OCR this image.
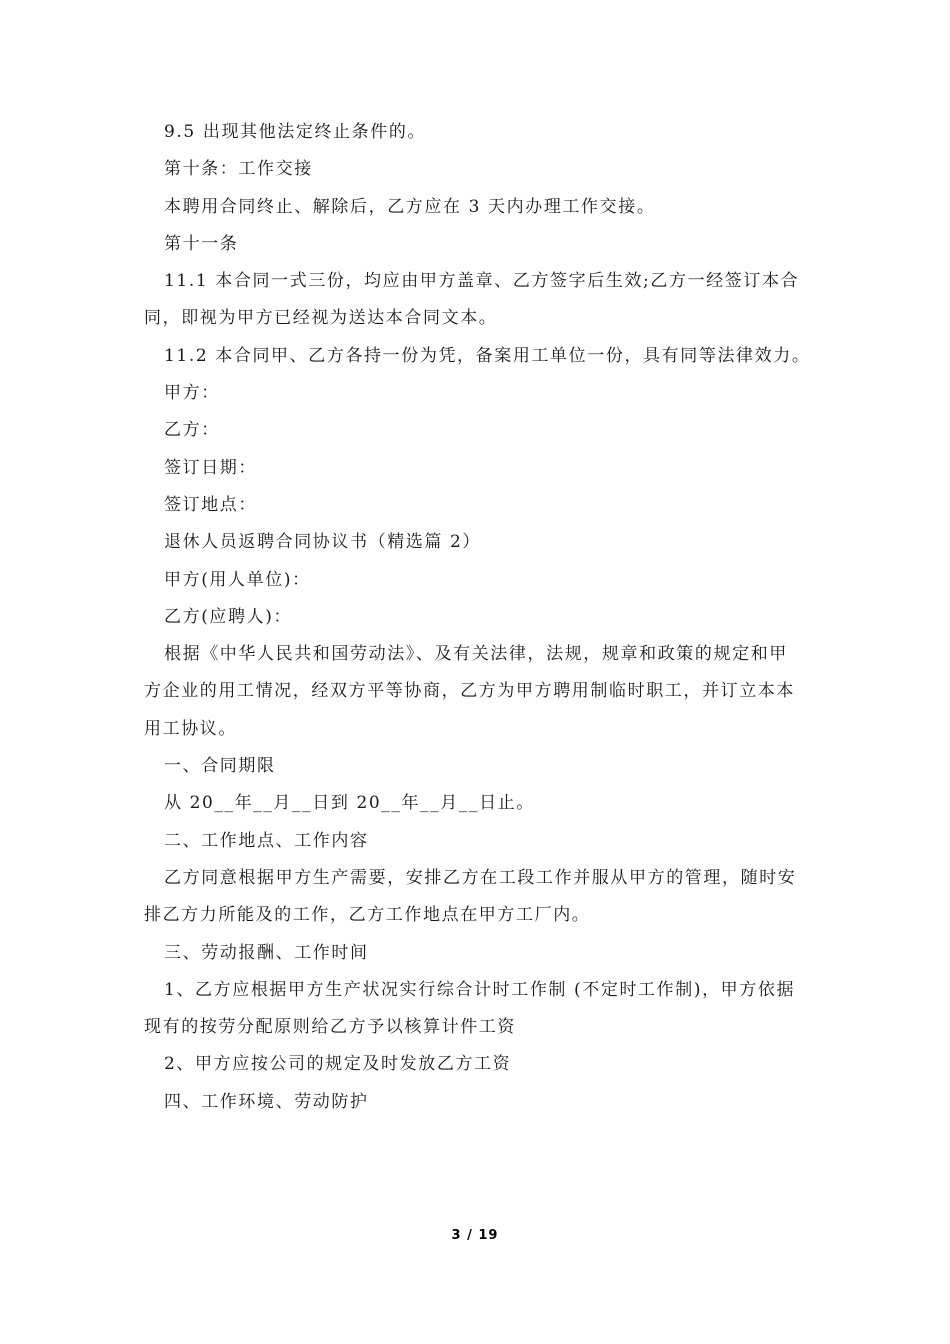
9.5 出现其他法定终止条件的。
第十条：工作交接
本聘用合同终止、解除后，乙方应在 3 天内办理工作交接。
第十一条
11.1 本合同一式三份，均应由甲方盖章、乙方签字后生效;乙方一经签订本合
同，即视为甲方已经视为送达本合同文本。
11.2 本合同甲、乙方各持一份为凭，备案用工单位一份，具有同等法律效力。
甲方：
乙方：
签订日期：
签订地点：
退休人员返聘合同协议书（精选篇 2）
甲方(用人单位)：
乙方(应聘人)：
根据《中华人民共和国劳动法》、及有关法律，法规，规章和政策的规定和甲
方企业的用工情况，经双方平等协商，乙方为甲方聘用制临时职工，并订立本本
用工协议。
一、合同期限
从 20__年__月__日到 20__年__月__日止。
二、工作地点、工作内容
乙方同意根据甲方生产需要，安排乙方在工段工作并服从甲方的管理，随时安
排乙方力所能及的工作，乙方工作地点在甲方工厂内。
三、劳动报酬、工作时间
1、乙方应根据甲方生产状况实行综合计时工作制 (不定时工作制)，甲方依据
现有的按劳分配原则给乙方予以核算计件工资
2、甲方应按公司的规定及时发放乙方工资
四、工作环境、劳动防护
3 / 19
